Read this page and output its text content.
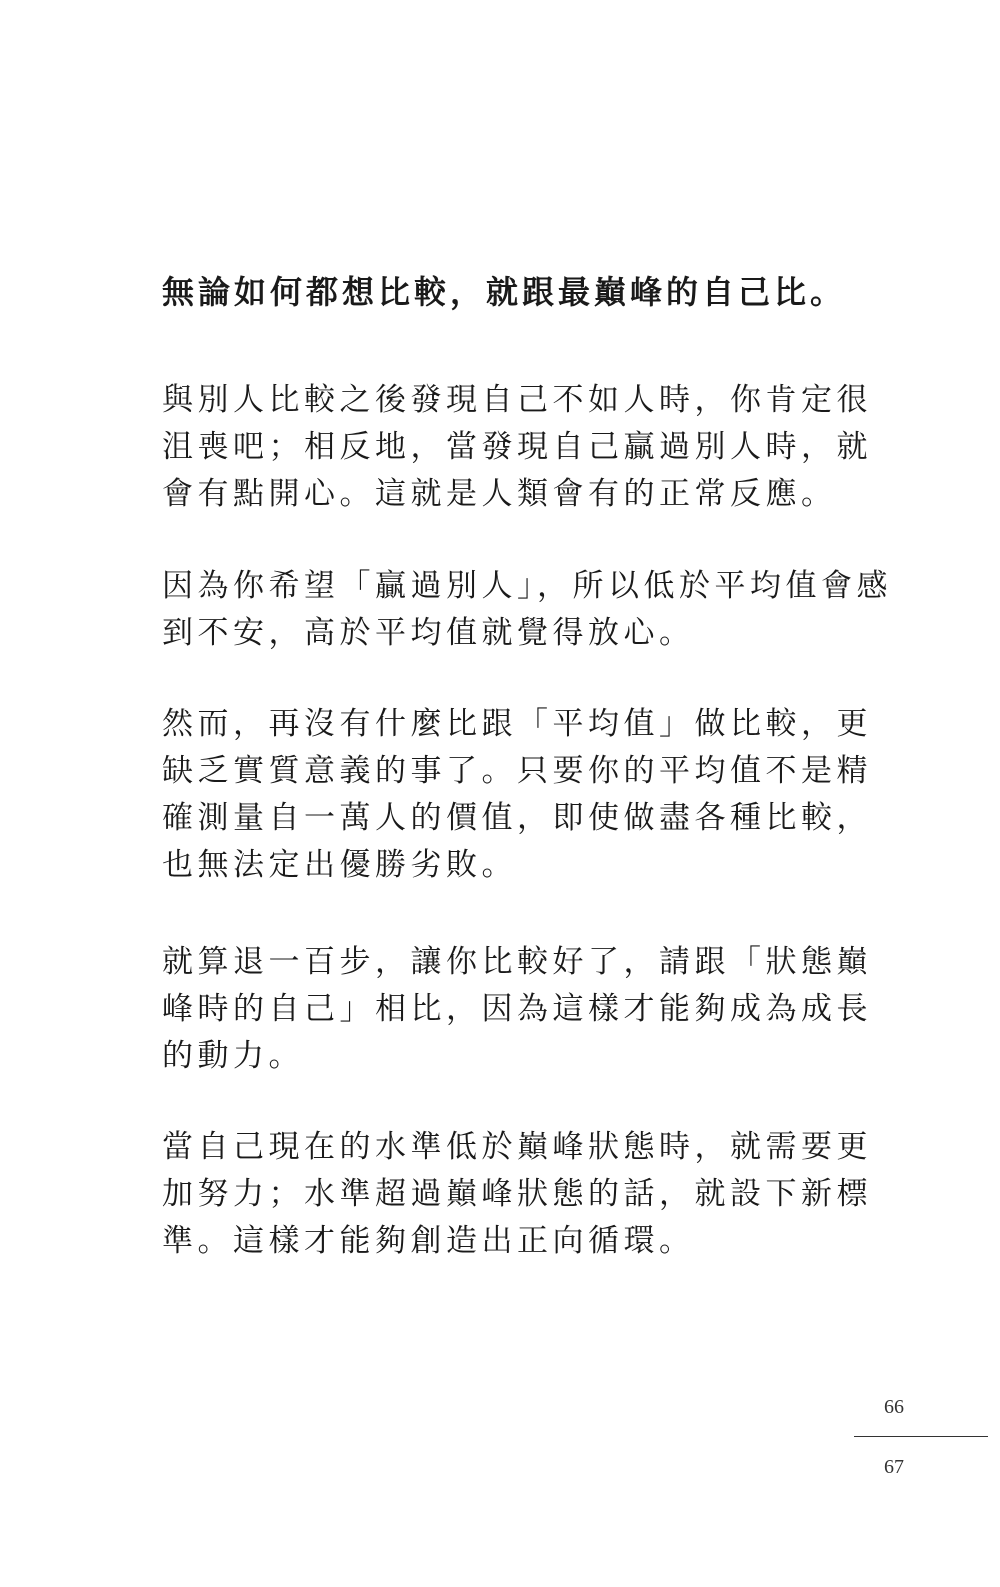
無論如何都想比較，就跟最巔峰的自己比。

與別人比較之後發現自己不如人時，你肯定很
沮喪吧；相反地，當發現自己贏過別人時，就
會有點開心。這就是人類會有的正常反應。

因為你希望「贏過別人」，所以低於平均值會感
到不安，高於平均值就覺得放心。

然而，再沒有什麼比跟「平均值」做比較，更
缺乏實質意義的事了。只要你的平均值不是精
確測量自一萬人的價值，即使做盡各種比較，
也無法定出優勝劣敗。

就算退一百步，讓你比較好了，請跟「狀態巔
峰時的自己」相比，因為這樣才能夠成為成長
的動力。

當自己現在的水準低於巔峰狀態時，就需要更
加努力；水準超過巔峰狀態的話，就設下新標
準。這樣才能夠創造出正向循環。

66
67
